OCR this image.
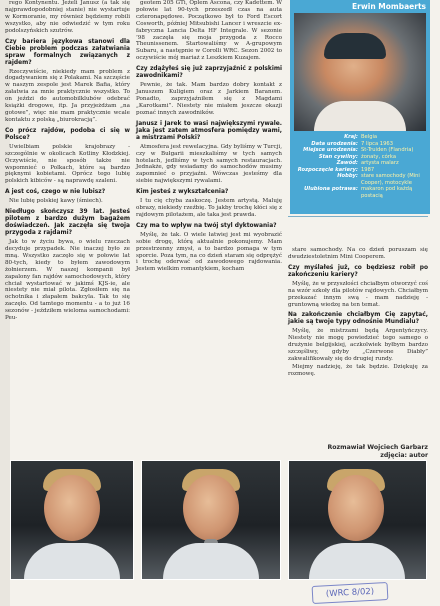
rego Kontynentu. Jeżeli Janusz (a tak się najprawdopodobniej stanie) nie wystartuje w Kormoranie, my również będziemy robili wszystko, aby nie odwiedzić w tym roku podolszyńskich szutrów.

Czy bariera językowa stanowi dla Ciebie problem podczas załatwiania spraw formalnych związanych z rajdem?

Rzeczywiście, niekiedy mam problem z dogadywaniem się z Polakami. Na szczęście w naszym zespole jest Marek Bafia, który załatwia za mnie praktycznie wszystko. To on jeździ do automobilklubów odebrać książki drogowe, itp. Ja przyjeżdżam „na gotowe”, więc nie mam praktycznie wcale kontaktu z polską „biurokracją”.

Co prócz rajdów, podoba ci się w Polsce?

Uwielbiam polskie krajobrazy - szczególnie w okolicach Kotliny Kłodzkiej. Oczywiście, nie sposób także nie wspomnieć o Polkach, które są bardzo pięknymi kobietami. Oprócz tego lubię polskich kibiców - są naprawdę szaleni.

A jest coś, czego w nie lubisz?

Nie lubię polskiej kawy (śmiech).

Niedługo skończysz 39 lat. Jesteś pilotem z bardzo dużym bagażem doświadczeń. Jak zaczęła się twoja przygoda z rajdami?

Jak to w życiu bywa, o wielu rzeczach decyduje przypadek. Nie inaczej było ze mną. Wszystko zaczęło się w połowie lat 80-tych, kiedy to byłem zawodowym żołnierzem. W naszej kompanii był zapalony fan rajdów samochodowych, który chciał wystartować w jakimś KJS-ie, ale niestety nie miał pilota. Zgłosiłem się na ochotnika i złapałem bakcyla. Tak to się zaczęło. Od tamtego momentu - a to już 16 sezonów - jeździłem wieloma samochodami: Peu-

geotem 205 GTi, Oplem Ascona, czy Kadettem. W połowie lat 90-tych przeszedł czas na auta czteronapędowe. Początkowo był to Ford Escort Cosworth, później Mitsubishi Lancer i wreszcie ex-fabryczna Lancia Delta HF Integrale. W sezonie ’98 zaczęła się moja przygoda z Rocco Theunissenem. Startowaliśmy w A-grupowym Subaru, a następnie w Corolli WRC. Sezon 2002 to oczywiście mój mariaż z Leszkiem Kuzajem.

Czy zdążyłeś się już zaprzyjaźnić z polskimi zawodnikami?

Pewnie, że tak. Mam bardzo dobry kontakt z Januszem Kuligiem oraz z Jarkiem Baranem. Ponadto, zaprzyjaźniłem się z Magdami „Karotkami”. Niestety nie miałem jeszcze okazji poznać innych zawodników.

Janusz i Jarek to wasi największymi rywale. Jaka jest zatem atmosfera pomiędzy wami, a mistrzami Polski?

Atmosfera jest rewelacyjna. Gdy byliśmy w Turcji, czy w Bułgarii mieszkaliśmy w tych samych hotelach, jedliśmy w tych samych restauracjach. Jednakże, gdy wsiadamy do samochodów musimy zapomnieć o przyjaźni. Wówczas jesteśmy dla siebie największymi rywalami.

Kim jesteś z wykształcenia?

I tu cię chyba zaskoczę. Jestem artystą. Maluję obrazy, niekiedy rzeźbię. To jakby trochę kłóci się z rajdowym pilotażem, ale taka jest prawda.

Czy ma to wpływ na twój styl dyktowania?

Myślę, że tak. O wiele łatwiej jest mi wyobrazić sobie drogę, którą aktualnie pokonujemy. Mam przestrzenny zmysł, a to bardzo pomaga w tym sporcie. Poza tym, na co dzień staram się odprężyć i trochę oderwać od zawodowego rajdowania. Jestem wielkim romantykiem, kocham

Erwin Mombaerts
Kraj: Belgia
Data urodzenia: 7 lipca 1963
Miejsce urodzenia: St-Truiden (Flandria)
Stan cywilny: żonaty, córka
Zawód: artysta malarz
Rozpoczęcie kariery: 1987
Hobby: stare samochody (Mini Cooper), motocykle
Ulubiona potrawa: makaron pod każdą postacią

stare samochody. Na co dzień poruszam się dwudziestoletnim Mini Cooperem.

Czy myślałeś już, co będziesz robił po zakończeniu kariery?

Myślę, że w przyszłości chciałbym otworzyć coś na wzór szkoły dla pilotów rajdowych. Chciałbym przekazać innym swą - mam nadzieję - gruntowną wiedzę na ten temat.

Na zakończenie chciałbym Cię zapytać, jakie są twoje typy odnośnie Mundialu?

Myślę, że mistrzami będą Argentyńczycy. Niestety nie mogę powiedzieć tego samego o drużynie belgijskiej, aczkolwiek byłbym bardzo szczęśliwy, gdyby „Czerwone Diabły” zakwalifikowały się do drugiej rundy.

Miejmy nadzieję, że tak będzie. Dziękuję za rozmowę.

Rozmawiał Wojciech Garbarz
zdjęcia: autor
(WRC 8/02)
